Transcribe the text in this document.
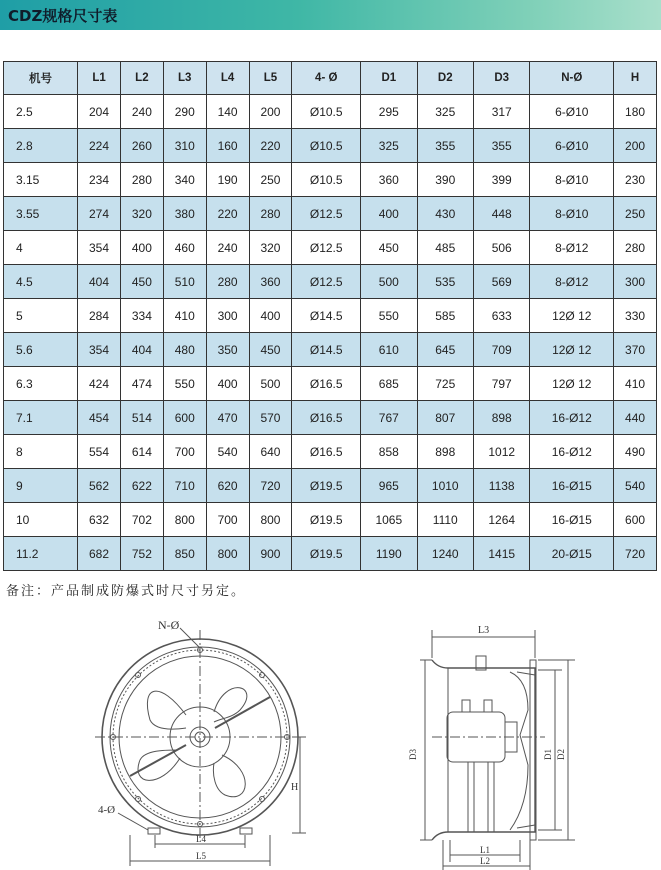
CDZ规格尺寸表
机号	L1	L2	L3	L4	L5	4- Ø	D1	D2	D3	N-Ø	H
2.5	204	240	290	140	200	Ø10.5	295	325	317	6-Ø10	180
2.8	224	260	310	160	220	Ø10.5	325	355	355	6-Ø10	200
3.15	234	280	340	190	250	Ø10.5	360	390	399	8-Ø10	230
3.55	274	320	380	220	280	Ø12.5	400	430	448	8-Ø10	250
4	354	400	460	240	320	Ø12.5	450	485	506	8-Ø12	280
4.5	404	450	510	280	360	Ø12.5	500	535	569	8-Ø12	300
5	284	334	410	300	400	Ø14.5	550	585	633	12Ø 12	330
5.6	354	404	480	350	450	Ø14.5	610	645	709	12Ø 12	370
6.3	424	474	550	400	500	Ø16.5	685	725	797	12Ø 12	410
7.1	454	514	600	470	570	Ø16.5	767	807	898	16-Ø12	440
8	554	614	700	540	640	Ø16.5	858	898	1012	16-Ø12	490
9	562	622	710	620	720	Ø19.5	965	1010	1138	16-Ø15	540
10	632	702	800	700	800	Ø19.5	1065	1110	1264	16-Ø15	600
11.2	682	752	850	800	900	Ø19.5	1190	1240	1415	20-Ø15	720
备注：产品制成防爆式时尺寸另定。
N-Ø
4-Ø
H
L4
L5
L3
D3	D1 D2
L1
L2
